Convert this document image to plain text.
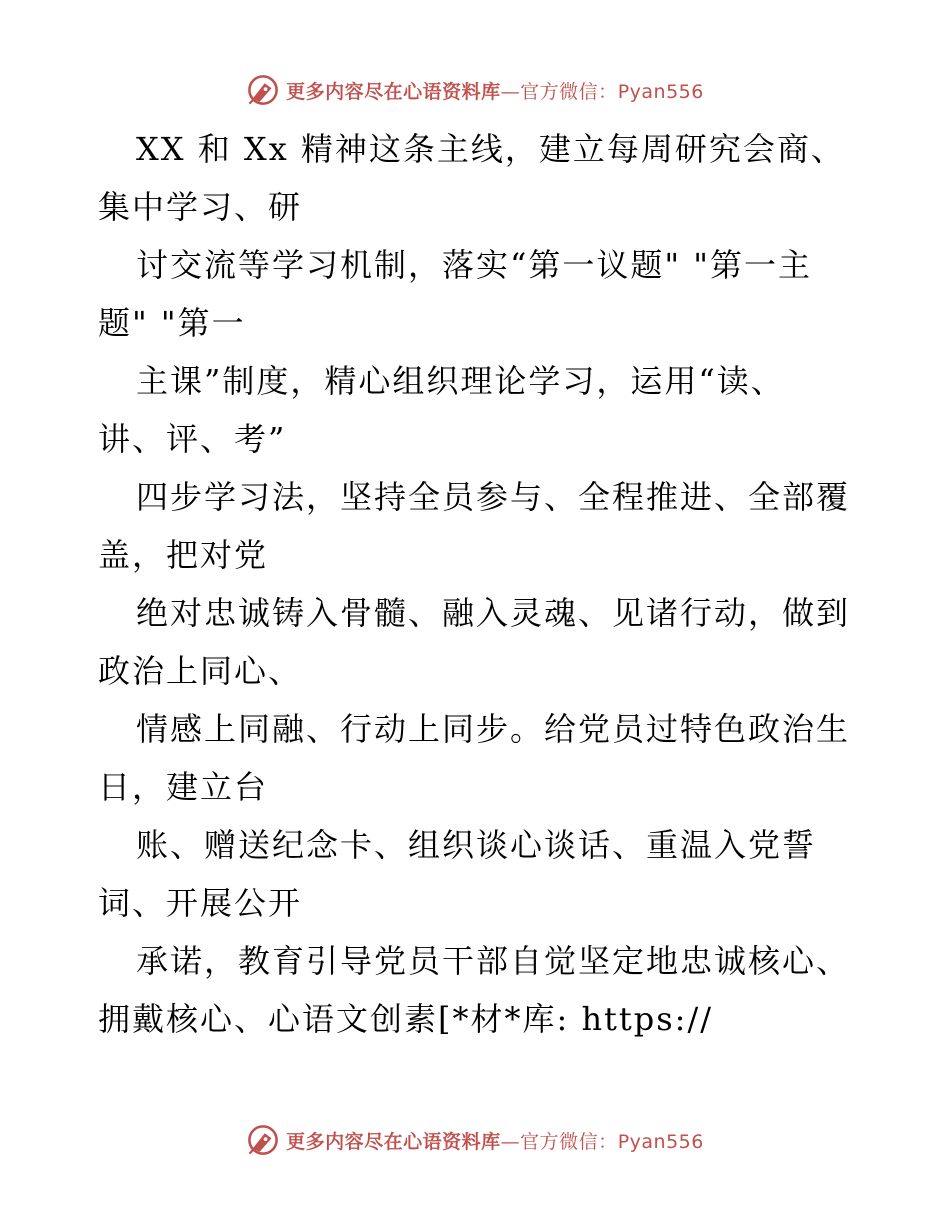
更多内容尽在心语资料库—官方微信：Pyan556
XX 和 Xx 精神这条主线，建立每周研究会商、
集中学习、研
讨交流等学习机制，落实“第一议题" "第一主
题" "第一
主课”制度，精心组织理论学习，运用“读、
讲、评、考”
四步学习法，坚持全员参与、全程推进、全部覆
盖，把对党
绝对忠诚铸入骨髓、融入灵魂、见诸行动，做到
政治上同心、
情感上同融、行动上同步。给党员过特色政治生
日，建立台
账、赠送纪念卡、组织谈心谈话、重温入党誓
词、开展公开
承诺，教育引导党员干部自觉坚定地忠诚核心、
拥戴核心、心语文创素[*材*库: https://
更多内容尽在心语资料库—官方微信：Pyan556
